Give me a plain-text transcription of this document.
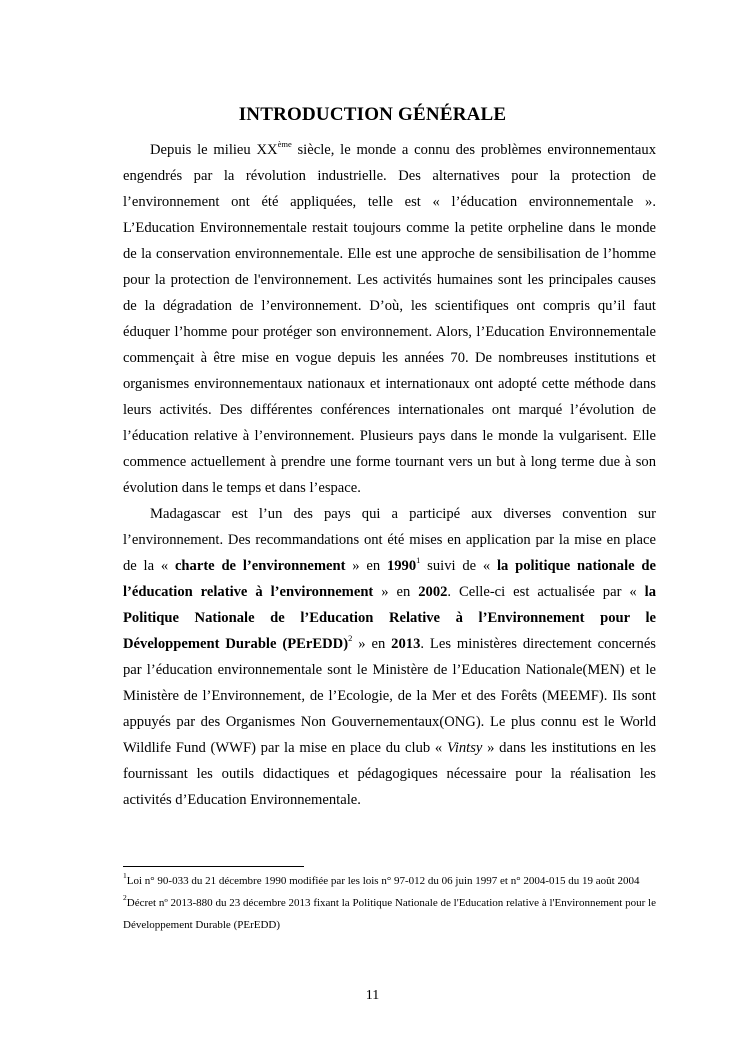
INTRODUCTION GÉNÉRALE

Depuis le milieu XXème siècle, le monde a connu des problèmes environnementaux engendrés par la révolution industrielle. Des alternatives pour la protection de l’environnement ont été appliquées, telle est « l’éducation environnementale ». L’Education Environnementale restait toujours comme la petite orpheline dans le monde de la conservation environnementale. Elle est une approche de sensibilisation de l’homme pour la protection de l'environnement. Les activités humaines sont les principales causes de la dégradation de l’environnement. D’où, les scientifiques ont compris qu’il faut éduquer l’homme pour protéger son environnement. Alors, l’Education Environnementale commençait à être mise en vogue depuis les années 70. De nombreuses institutions et organismes environnementaux nationaux et internationaux ont adopté cette méthode dans leurs activités. Des différentes conférences internationales ont marqué l’évolution de l’éducation relative à l’environnement. Plusieurs pays dans le monde la vulgarisent. Elle commence actuellement à prendre une forme tournant vers un but à long terme due à son évolution dans le temps et dans l’espace.

Madagascar est l’un des pays qui a participé aux diverses convention sur l’environnement. Des recommandations ont été mises en application par la mise en place de la « charte de l’environnement » en 1990$^1$ suivi de « la politique nationale de l’éducation relative à l’environnement » en 2002. Celle-ci est actualisée par « la Politique Nationale de l’Education Relative à l’Environnement pour le Développement Durable (PErEDD)$^2$ » en 2013. Les ministères directement concernés par l’éducation environnementale sont le Ministère de l’Education Nationale(MEN) et le Ministère de l’Environnement, de l’Ecologie, de la Mer et des Forêts (MEEMF). Ils sont appuyés par des Organismes Non Gouvernementaux(ONG). Le plus connu est le World Wildlife Fund (WWF) par la mise en place du club « Vintsy » dans les institutions en les fournissant les outils didactiques et pédagogiques nécessaire pour la réalisation les activités d’Education Environnementale.

$^1$Loi n° 90-033 du 21 décembre 1990 modifiée par les lois n° 97-012 du 06 juin 1997 et n° 2004-015 du 19 août 2004

$^2$Décret nº 2013-880 du 23 décembre 2013 fixant la Politique Nationale de l'Education relative à l'Environnement pour le Développement Durable (PErEDD)

11
